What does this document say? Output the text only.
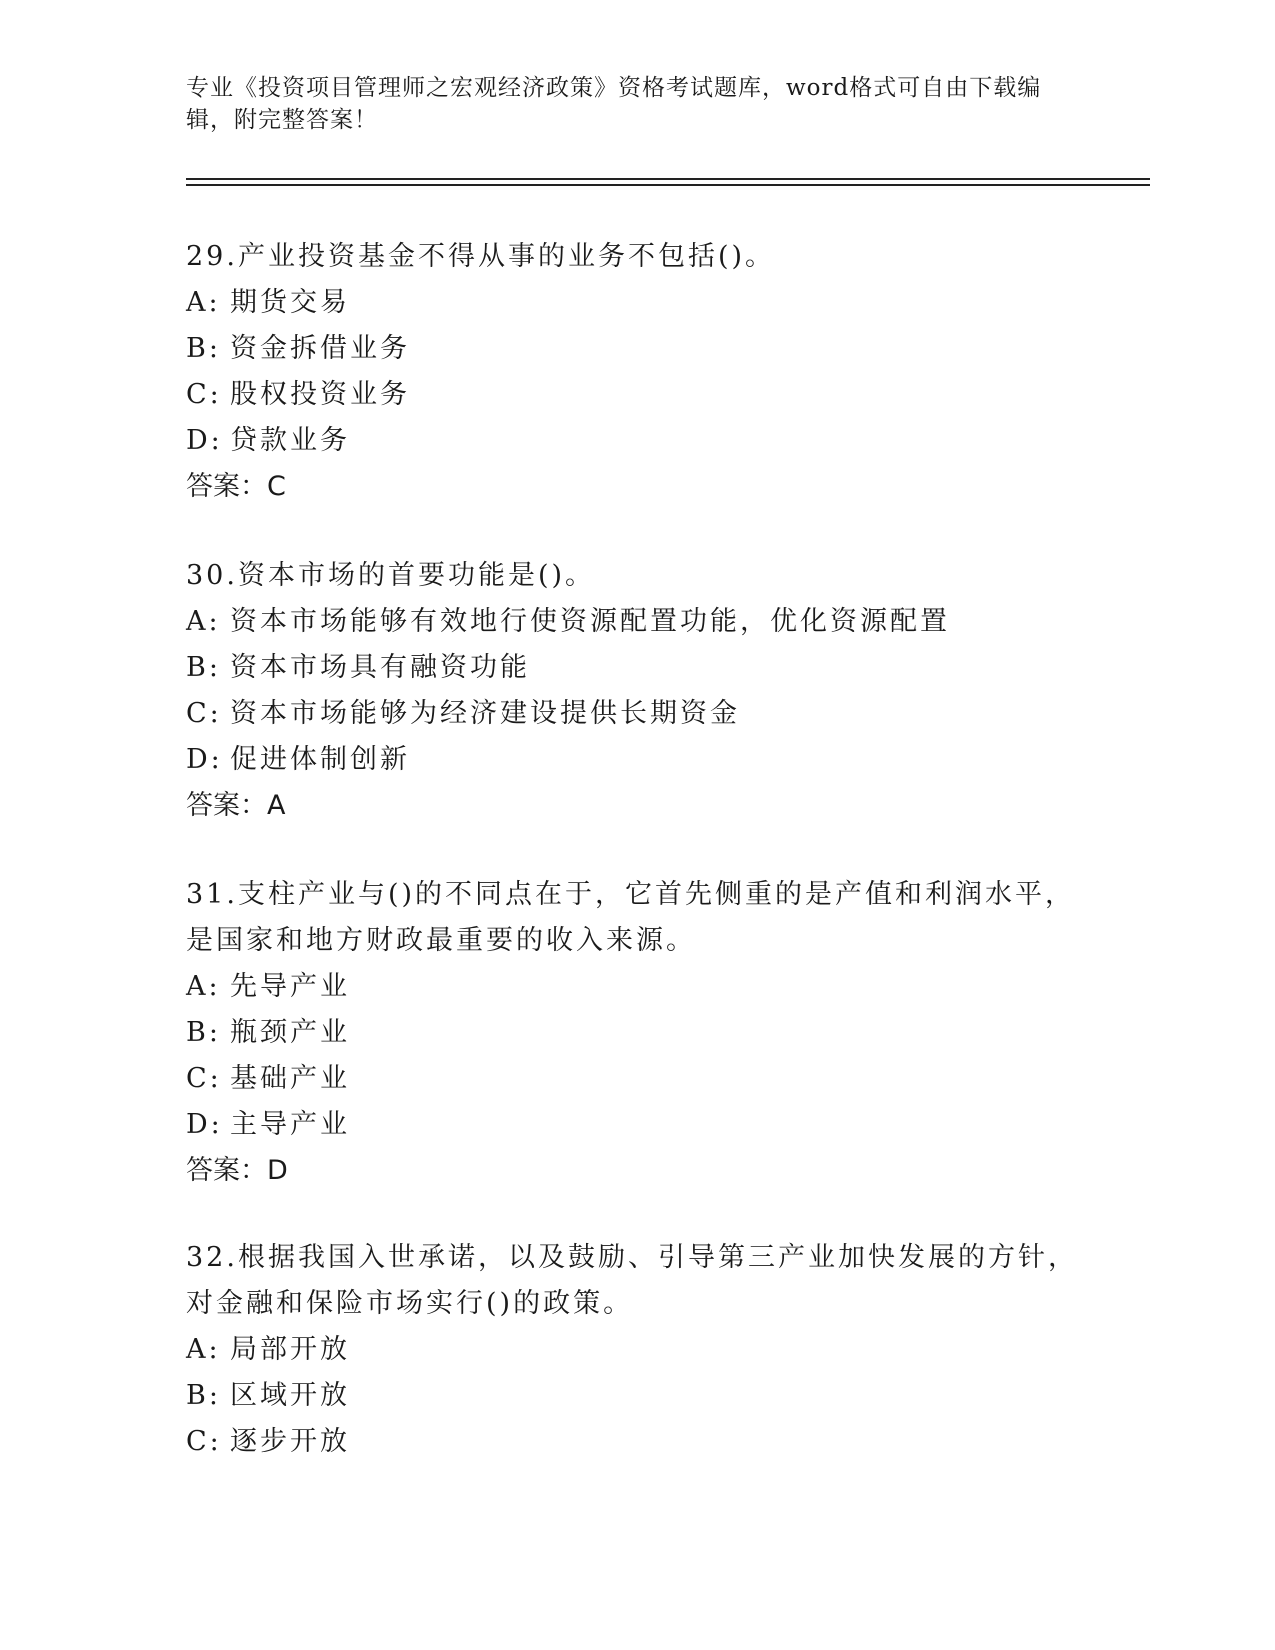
专业《投资项目管理师之宏观经济政策》资格考试题库，word格式可自由下载编辑，附完整答案！
29.产业投资基金不得从事的业务不包括()。
A: 期货交易
B: 资金拆借业务
C: 股权投资业务
D: 贷款业务
答案：C
30.资本市场的首要功能是()。
A: 资本市场能够有效地行使资源配置功能，优化资源配置
B: 资本市场具有融资功能
C: 资本市场能够为经济建设提供长期资金
D: 促进体制创新
答案：A
31.支柱产业与()的不同点在于，它首先侧重的是产值和利润水平，是国家和地方财政最重要的收入来源。
A: 先导产业
B: 瓶颈产业
C: 基础产业
D: 主导产业
答案：D
32.根据我国入世承诺，以及鼓励、引导第三产业加快发展的方针，对金融和保险市场实行()的政策。
A: 局部开放
B: 区域开放
C: 逐步开放
